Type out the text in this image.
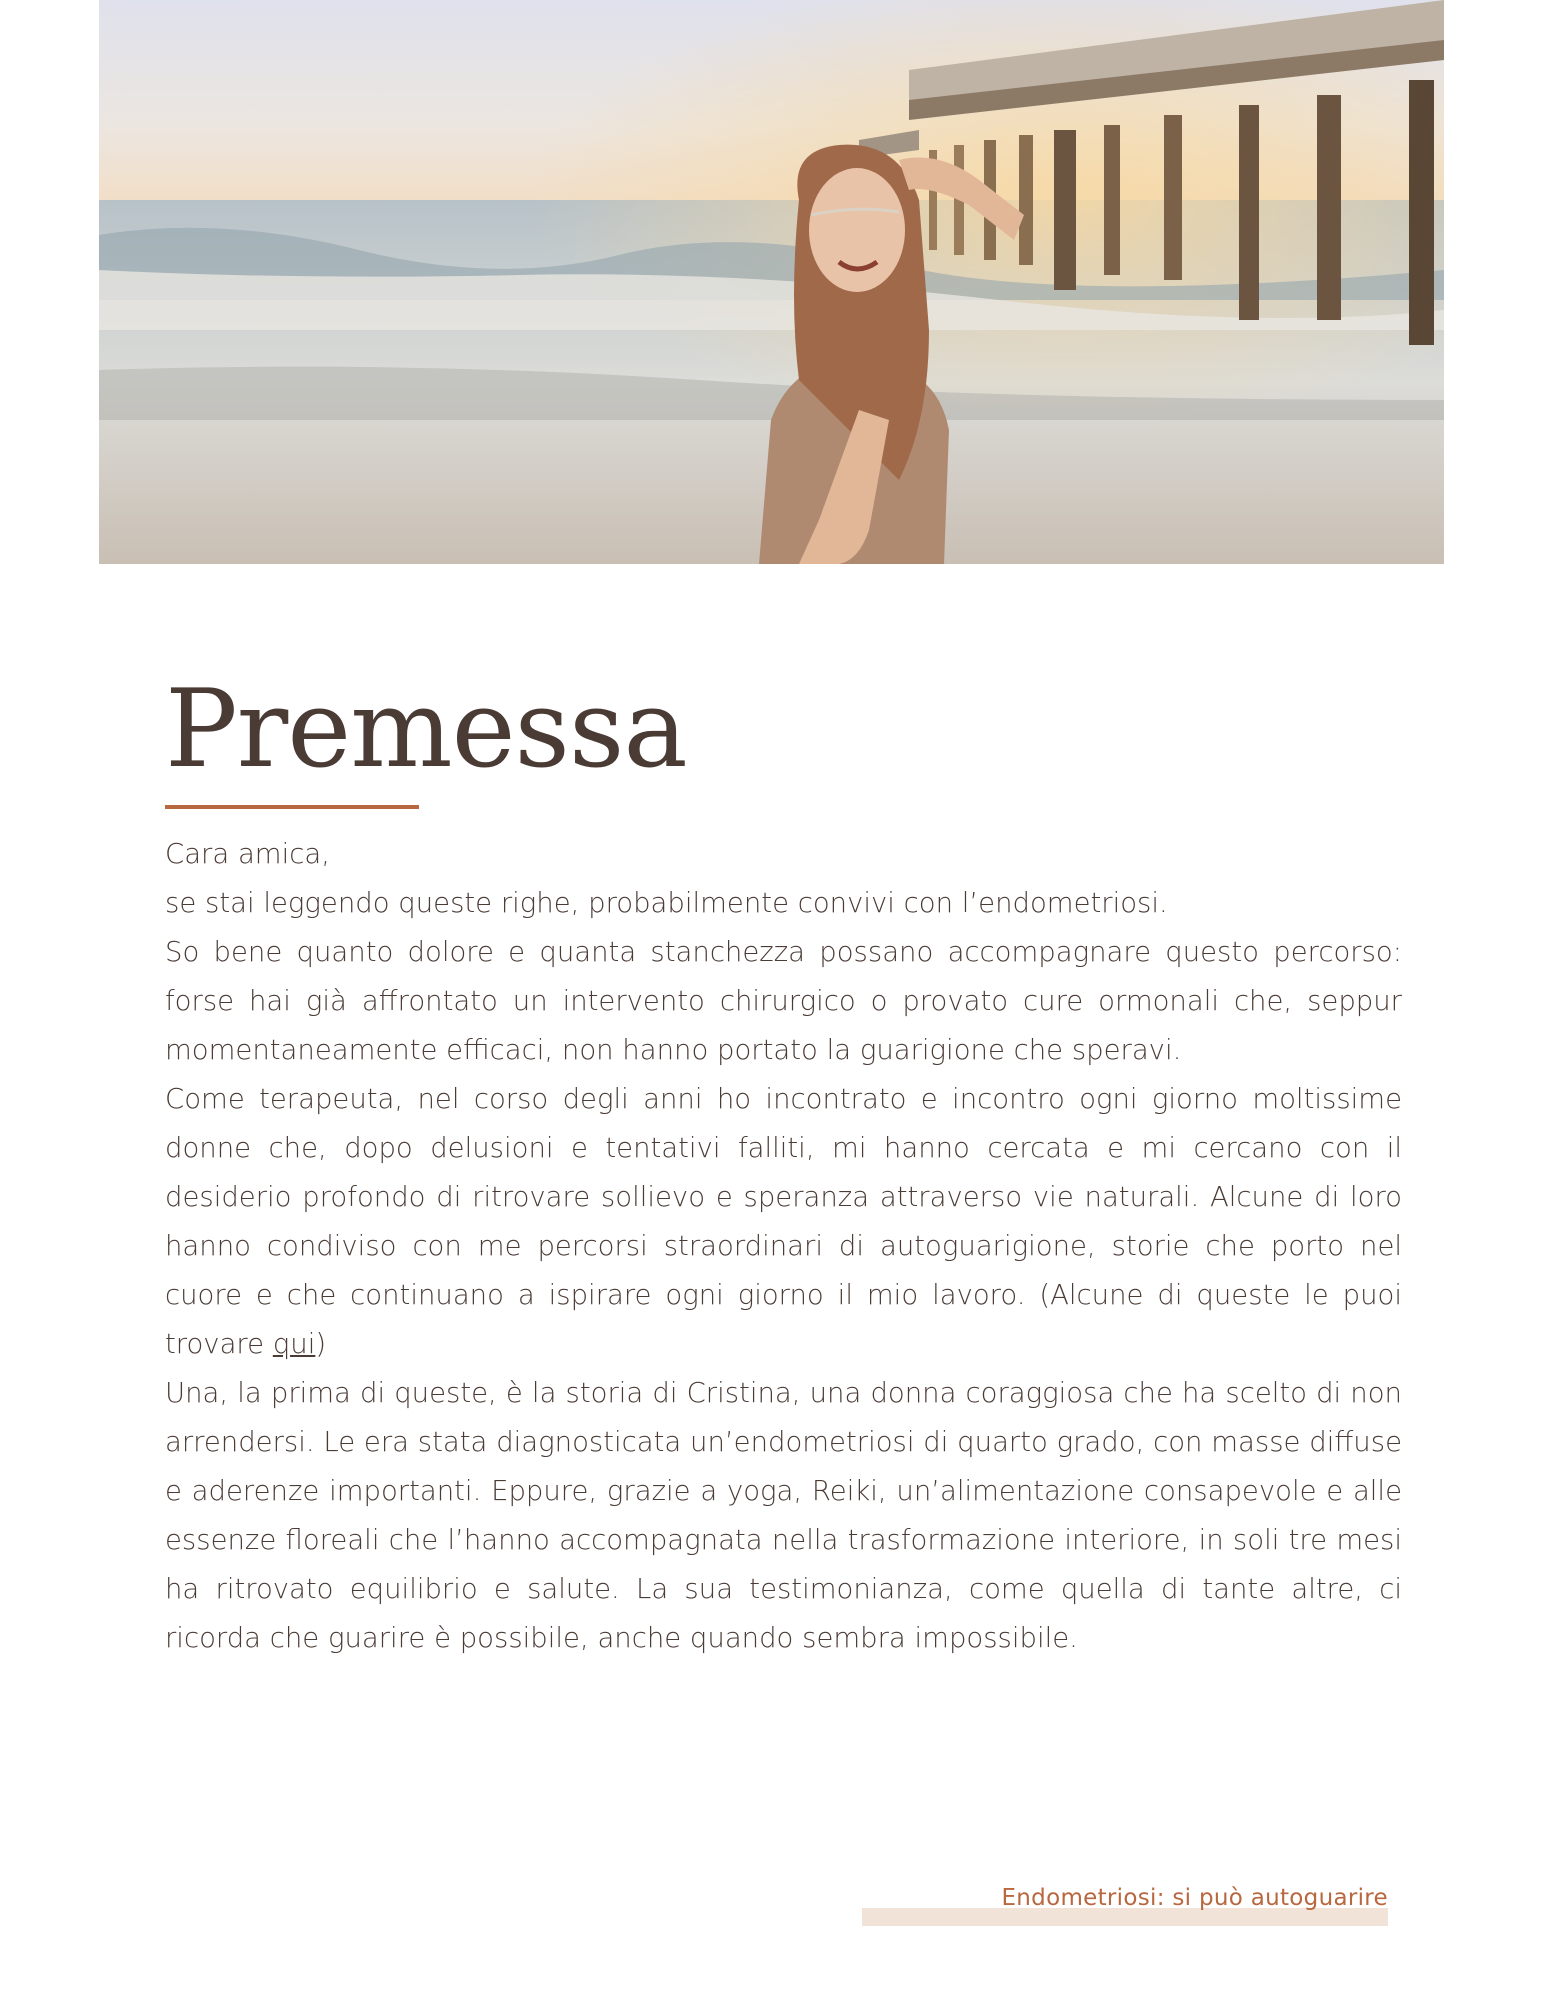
Premessa

Cara amica,

se stai leggendo queste righe, probabilmente convivi con l’endometriosi.

So bene quanto dolore e quanta stanchezza possano accompagnare questo percorso: forse hai già affrontato un intervento chirurgico o provato cure ormonali che, seppur momentaneamente efficaci, non hanno portato la guarigione che speravi.

Come terapeuta, nel corso degli anni ho incontrato e incontro ogni giorno moltissime donne che, dopo delusioni e tentativi falliti, mi hanno cercata e mi cercano con il desiderio profondo di ritrovare sollievo e speranza attraverso vie naturali. Alcune di loro hanno condiviso con me percorsi straordinari di autoguarigione, storie che porto nel cuore e che continuano a ispirare ogni giorno il mio lavoro. (Alcune di queste le puoi trovare qui)

Una, la prima di queste, è la storia di Cristina, una donna coraggiosa che ha scelto di non arrendersi. Le era stata diagnosticata un’endometriosi di quarto grado, con masse diffuse e aderenze importanti. Eppure, grazie a yoga, Reiki, un’alimentazione consapevole e alle essenze floreali che l’hanno accompagnata nella trasformazione interiore, in soli tre mesi ha ritrovato equilibrio e salute. La sua testimonianza, come quella di tante altre, ci ricorda che guarire è possibile, anche quando sembra impossibile.

Endometriosi: si può autoguarire
